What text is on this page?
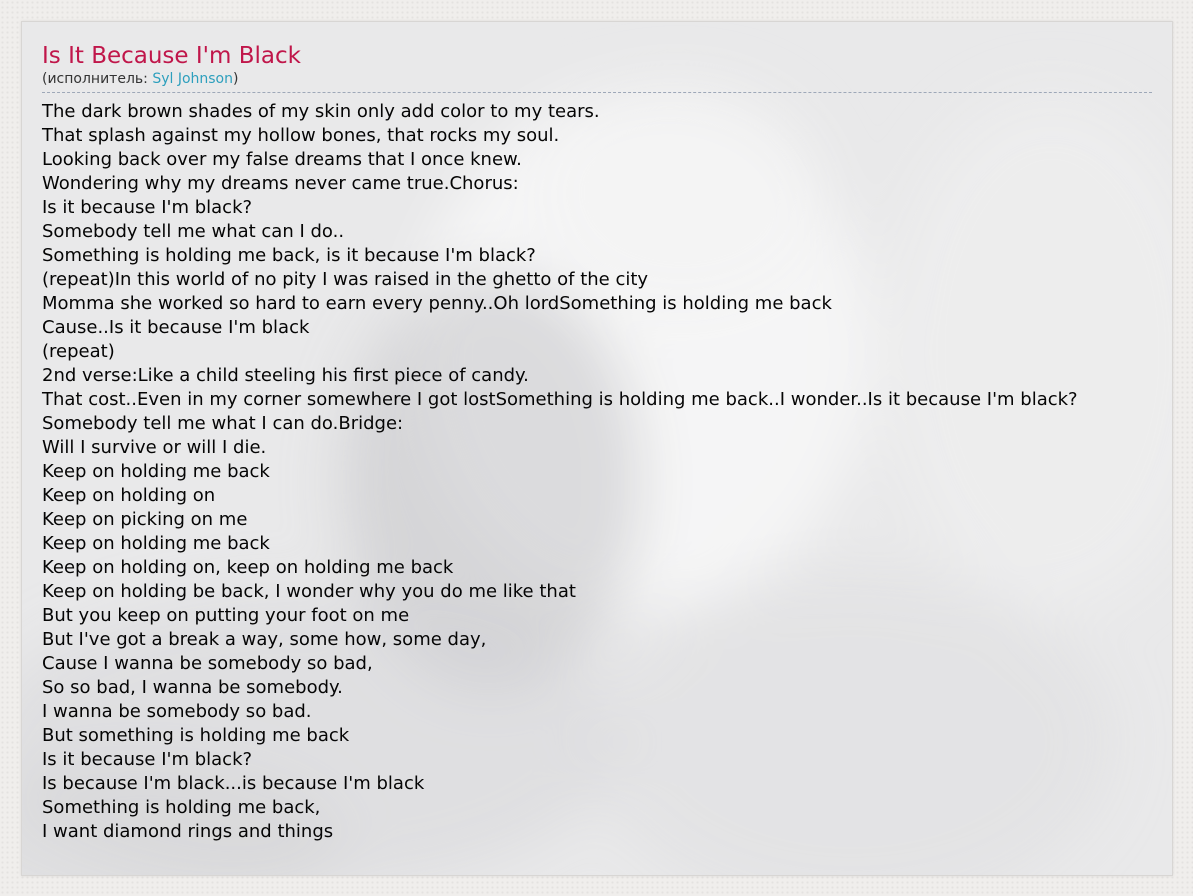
Is It Because I'm Black
(исполнитель: Syl Johnson)
The dark brown shades of my skin only add color to my tears.
That splash against my hollow bones, that rocks my soul.
Looking back over my false dreams that I once knew.
Wondering why my dreams never came true.Chorus:
Is it because I'm black?
Somebody tell me what can I do..
Something is holding me back, is it because I'm black?
(repeat)In this world of no pity I was raised in the ghetto of the city
Momma she worked so hard to earn every penny..Oh lordSomething is holding me back
Cause..Is it because I'm black
(repeat)
2nd verse:Like a child steeling his first piece of candy.
That cost..Even in my corner somewhere I got lostSomething is holding me back..I wonder..Is it because I'm black?
Somebody tell me what I can do.Bridge:
Will I survive or will I die.
Keep on holding me back
Keep on holding on
Keep on picking on me
Keep on holding me back
Keep on holding on, keep on holding me back
Keep on holding be back, I wonder why you do me like that
But you keep on putting your foot on me
But I've got a break a way, some how, some day,
Cause I wanna be somebody so bad,
So so bad, I wanna be somebody.
I wanna be somebody so bad.
But something is holding me back
Is it because I'm black?
Is because I'm black...is because I'm black
Something is holding me back,
I want diamond rings and things
